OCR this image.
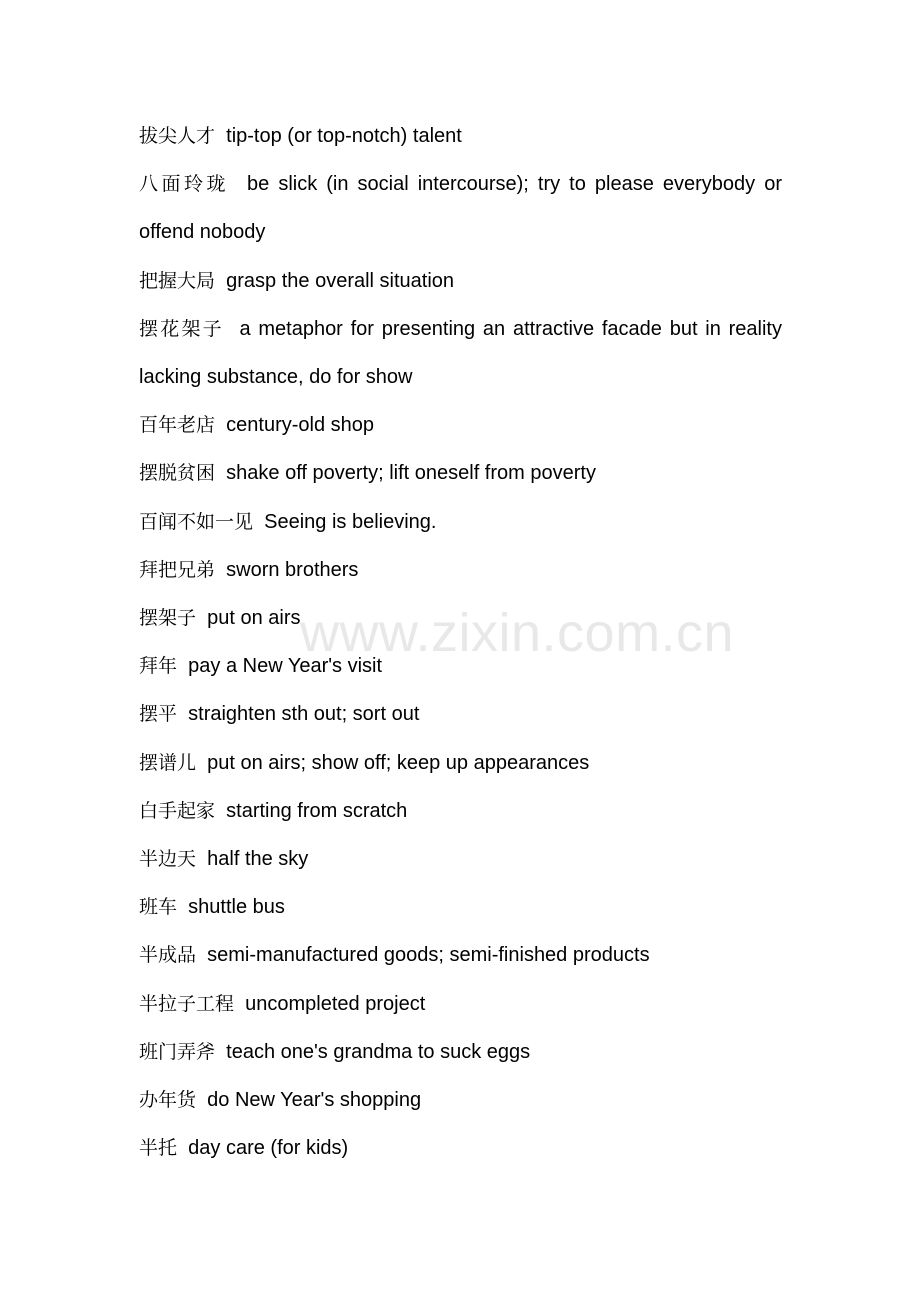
拔尖人才 tip-top (or top-notch) talent
八面玲珑 be slick (in social intercourse); try to please everybody or offend nobody
把握大局 grasp the overall situation
摆花架子 a metaphor for presenting an attractive facade but in reality lacking substance, do for show
百年老店 century-old shop
摆脱贫困 shake off poverty; lift oneself from poverty
百闻不如一见 Seeing is believing.
拜把兄弟 sworn brothers
摆架子 put on airs
拜年 pay a New Year's visit
摆平 straighten sth out; sort out
摆谱儿 put on airs; show off; keep up appearances
白手起家 starting from scratch
半边天 half the sky
班车 shuttle bus
半成品 semi-manufactured goods; semi-finished products
半拉子工程 uncompleted project
班门弄斧 teach one's grandma to suck eggs
办年货 do New Year's shopping
半托 day care (for kids)
www.zixin.com.cn
